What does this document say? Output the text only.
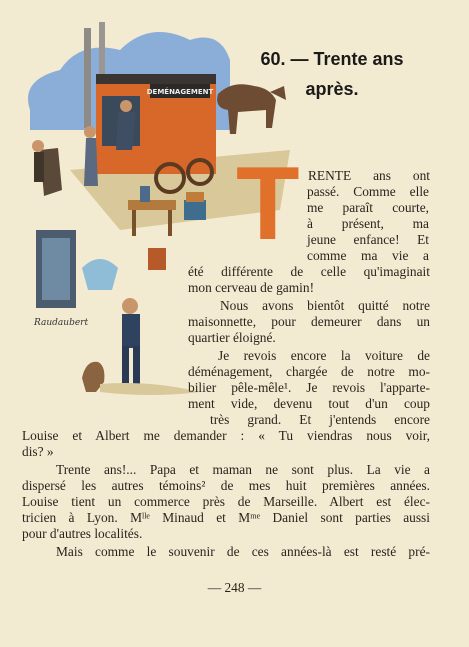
DEMÉNAGEMENT
Raudaubert
60. — Trente ans
après.
T RENTE ans ont
passé. Comme elle
me paraît courte,
à présent, ma
jeune enfance! Et
comme ma vie a
été différente de celle qu'imaginait
mon cerveau de gamin!
Nous avons bientôt quitté notre
maisonnette, pour demeurer dans un
quartier éloigné.
Je revois encore la voiture de
déménagement, chargée de notre mo-
bilier pêle-mêle¹. Je revois l'apparte-
ment vide, devenu tout d'un coup
très grand. Et j'entends encore
Louise et Albert me demander : « Tu viendras nous voir,
dis? »
Trente ans!... Papa et maman ne sont plus. La vie a
dispersé les autres témoins² de mes huit premières années.
Louise tient un commerce près de Marseille. Albert est élec-
tricien à Lyon. Mˡˡᵉ Minaud et Mᵐᵉ Daniel sont parties aussi
pour d'autres localités.
Mais comme le souvenir de ces années-là est resté pré-
— 248 —
